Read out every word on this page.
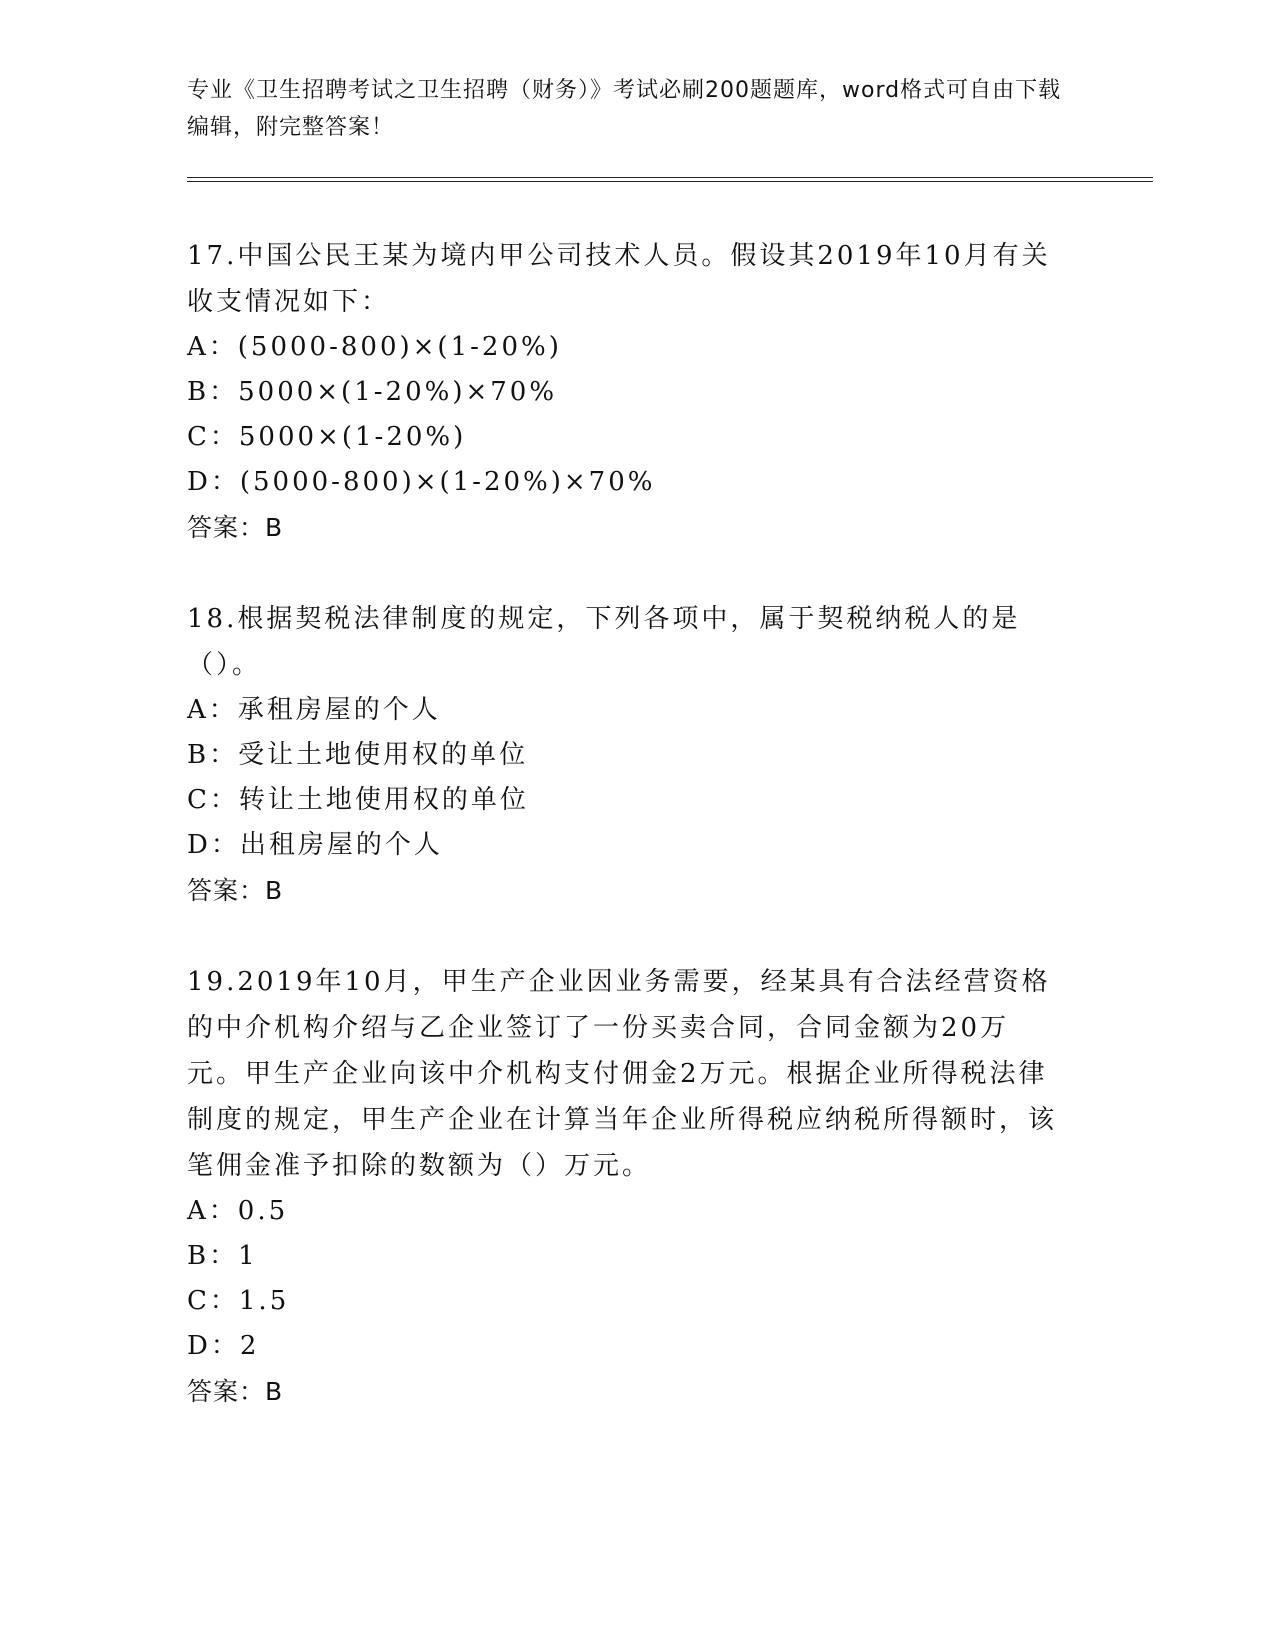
专业《卫生招聘考试之卫生招聘（财务）》考试必刷200题题库，word格式可自由下载编辑，附完整答案！

17.中国公民王某为境内甲公司技术人员。假设其2019年10月有关收支情况如下：

A：(5000-800)×(1-20%)
B：5000×(1-20%)×70%
C：5000×(1-20%)
D：(5000-800)×(1-20%)×70%

答案：B

18.根据契税法律制度的规定，下列各项中，属于契税纳税人的是（）。

A：承租房屋的个人
B：受让土地使用权的单位
C：转让土地使用权的单位
D：出租房屋的个人

答案：B

19.2019年10月，甲生产企业因业务需要，经某具有合法经营资格的中介机构介绍与乙企业签订了一份买卖合同，合同金额为20万元。甲生产企业向该中介机构支付佣金2万元。根据企业所得税法律制度的规定，甲生产企业在计算当年企业所得税应纳税所得额时，该笔佣金准予扣除的数额为（）万元。

A：0.5
B：1
C：1.5
D：2

答案：B
